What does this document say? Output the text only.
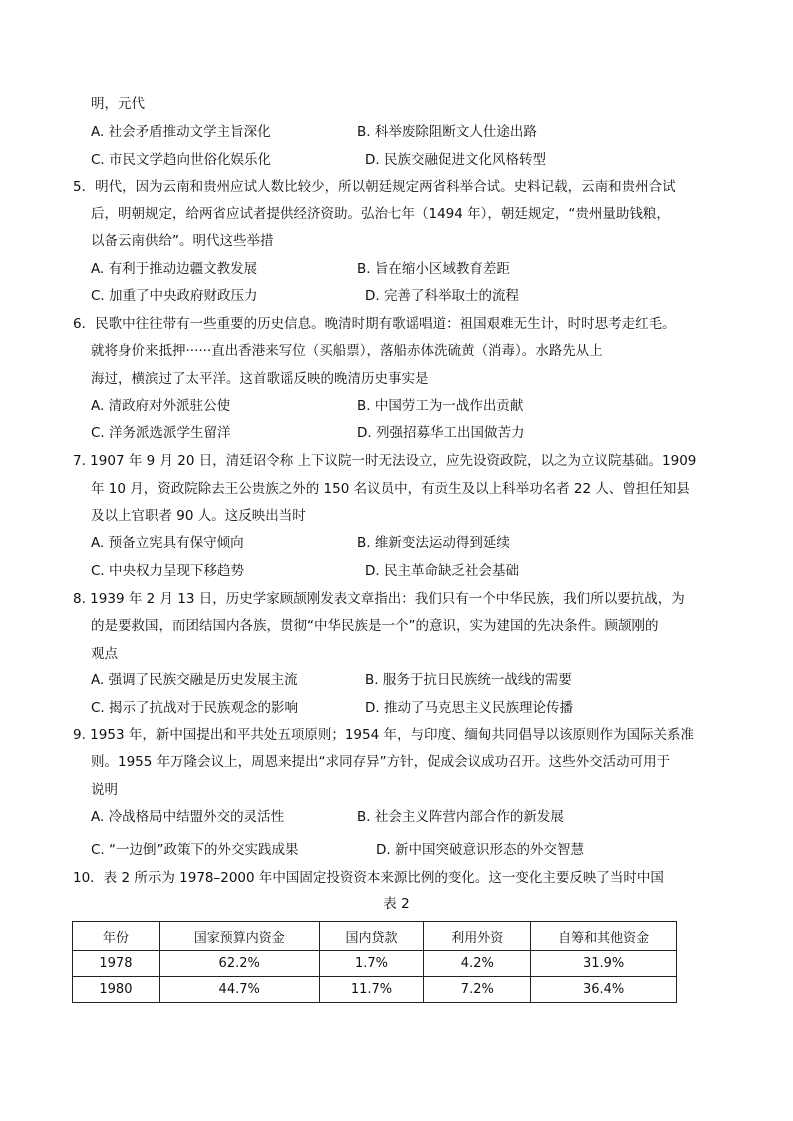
明，元代
A. 社会矛盾推动文学主旨深化	B. 科举废除阻断文人仕途出路
C. 市民文学趋向世俗化娱乐化	D. 民族交融促进文化风格转型
5．明代，因为云南和贵州应试人数比较少，所以朝廷规定两省科举合试。史料记载，云南和贵州合试
后，明朝规定，给两省应试者提供经济资助。弘治七年（1494 年），朝廷规定，“贵州量助钱粮，
以备云南供给”。明代这些举措
A. 有利于推动边疆文教发展	B. 旨在缩小区域教育差距
C. 加重了中央政府财政压力	D. 完善了科举取士的流程
6．民歌中往往带有一些重要的历史信息。晚清时期有歌谣唱道：祖国艰难无生计，时时思考走红毛。
就将身价来抵押······直出香港来写位（买船票），落船赤体洗硫黄（消毒）。水路先从上
海过，横滨过了太平洋。这首歌谣反映的晚清历史事实是
A. 清政府对外派驻公使	B. 中国劳工为一战作出贡献
C. 洋务派选派学生留洋	D. 列强招募华工出国做苦力
7. 1907 年 9 月 20 日，清廷诏令称 上下议院一时无法设立，应先设资政院，以之为立议院基础。1909
年 10 月，资政院除去王公贵族之外的 150 名议员中，有贡生及以上科举功名者 22 人、曾担任知县
及以上官职者 90 人。这反映出当时
A. 预备立宪具有保守倾向	B. 维新变法运动得到延续
C. 中央权力呈现下移趋势	D. 民主革命缺乏社会基础
8. 1939 年 2 月 13 日，历史学家顾颉刚发表文章指出：我们只有一个中华民族，我们所以要抗战，为
的是要救国，而团结国内各族，贯彻“中华民族是一个”的意识，实为建国的先决条件。顾颉刚的
观点
A. 强调了民族交融是历史发展主流	B. 服务于抗日民族统一战线的需要
C. 揭示了抗战对于民族观念的影响	D. 推动了马克思主义民族理论传播
9. 1953 年，新中国提出和平共处五项原则；1954 年，与印度、缅甸共同倡导以该原则作为国际关系准
则。1955 年万隆会议上，周恩来提出“求同存异”方针，促成会议成功召开。这些外交活动可用于
说明
A. 冷战格局中结盟外交的灵活性	B. 社会主义阵营内部合作的新发展
C. “一边倒”政策下的外交实践成果	D. 新中国突破意识形态的外交智慧
10．表 2 所示为 1978–2000 年中国固定投资资本来源比例的变化。这一变化主要反映了当时中国
表 2
年份	国家预算内资金	国内贷款	利用外资	自筹和其他资金
1978	62.2%	1.7%	4.2%	31.9%
1980	44.7%	11.7%	7.2%	36.4%
